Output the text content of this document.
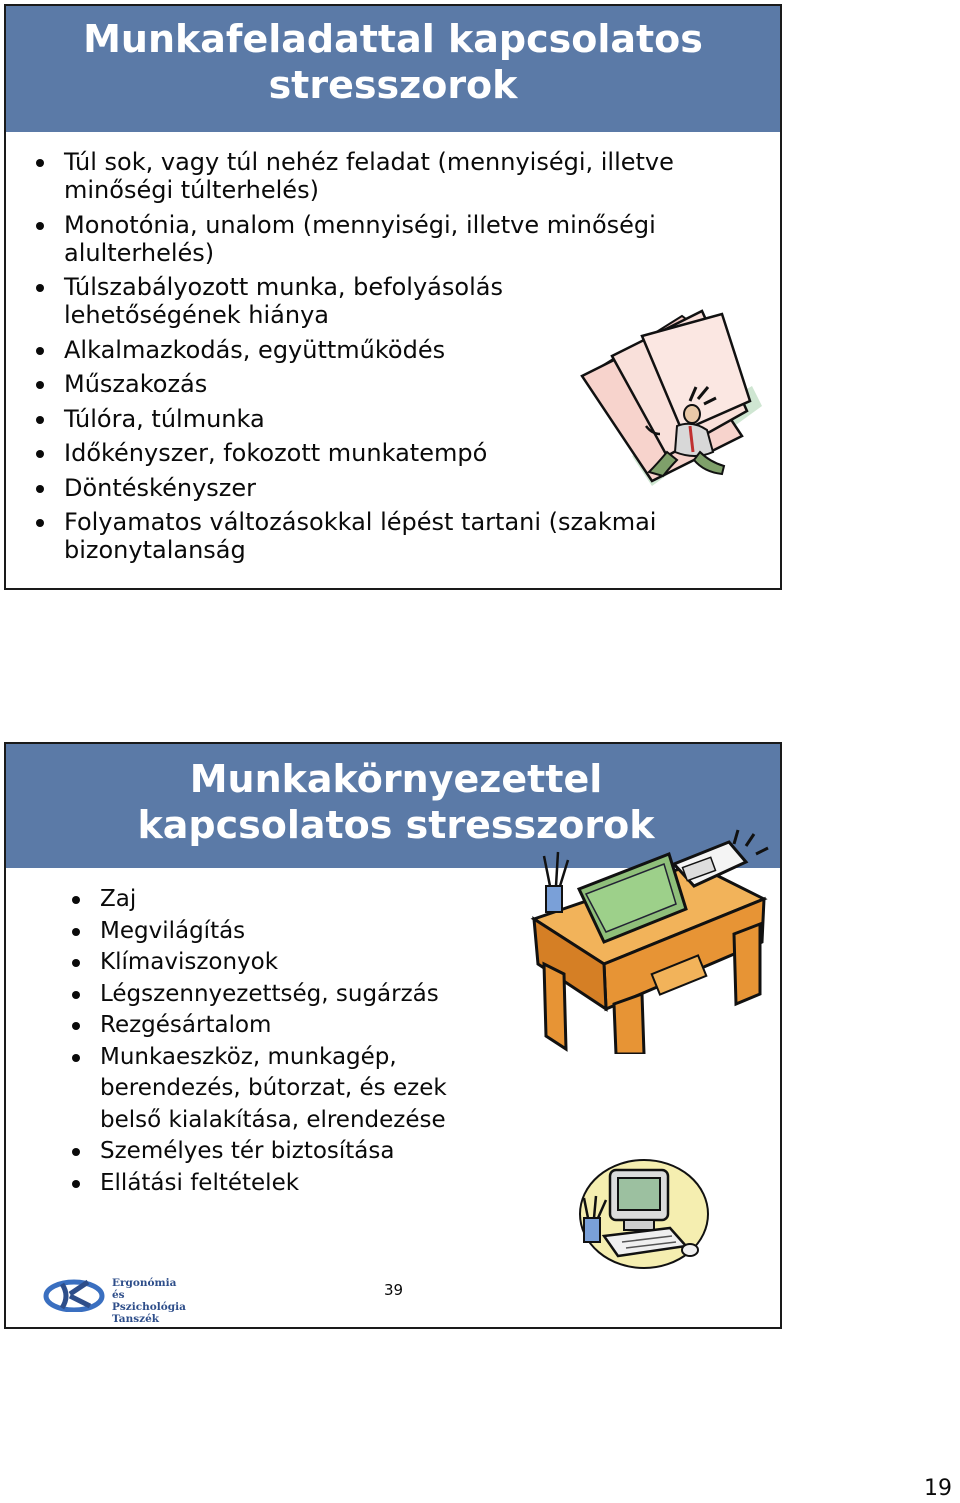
Munkafeladattal kapcsolatos stresszorok
Túl sok, vagy túl nehéz feladat (mennyiségi, illetve minőségi túlterhelés)
Monotónia, unalom (mennyiségi, illetve minőségi alulterhelés)
Túlszabályozott munka, befolyásolás lehetőségének hiánya
Alkalmazkodás, együttműködés
Műszakozás
Túlóra, túlmunka
Időkényszer, fokozott munkatempó
Döntéskényszer
Folyamatos változásokkal lépést tartani (szakmai bizonytalanság
Munkakörnyezettel kapcsolatos stresszorok
Zaj
Megvilágítás
Klímaviszonyok
Légszennyezettség, sugárzás
Rezgésártalom
Munkaeszköz, munkagép, berendezés, bútorzat, és ezek belső kialakítása, elrendezése
Személyes tér biztosítása
Ellátási feltételek
Ergonómia és
Pszichológia
Tanszék
39
19
